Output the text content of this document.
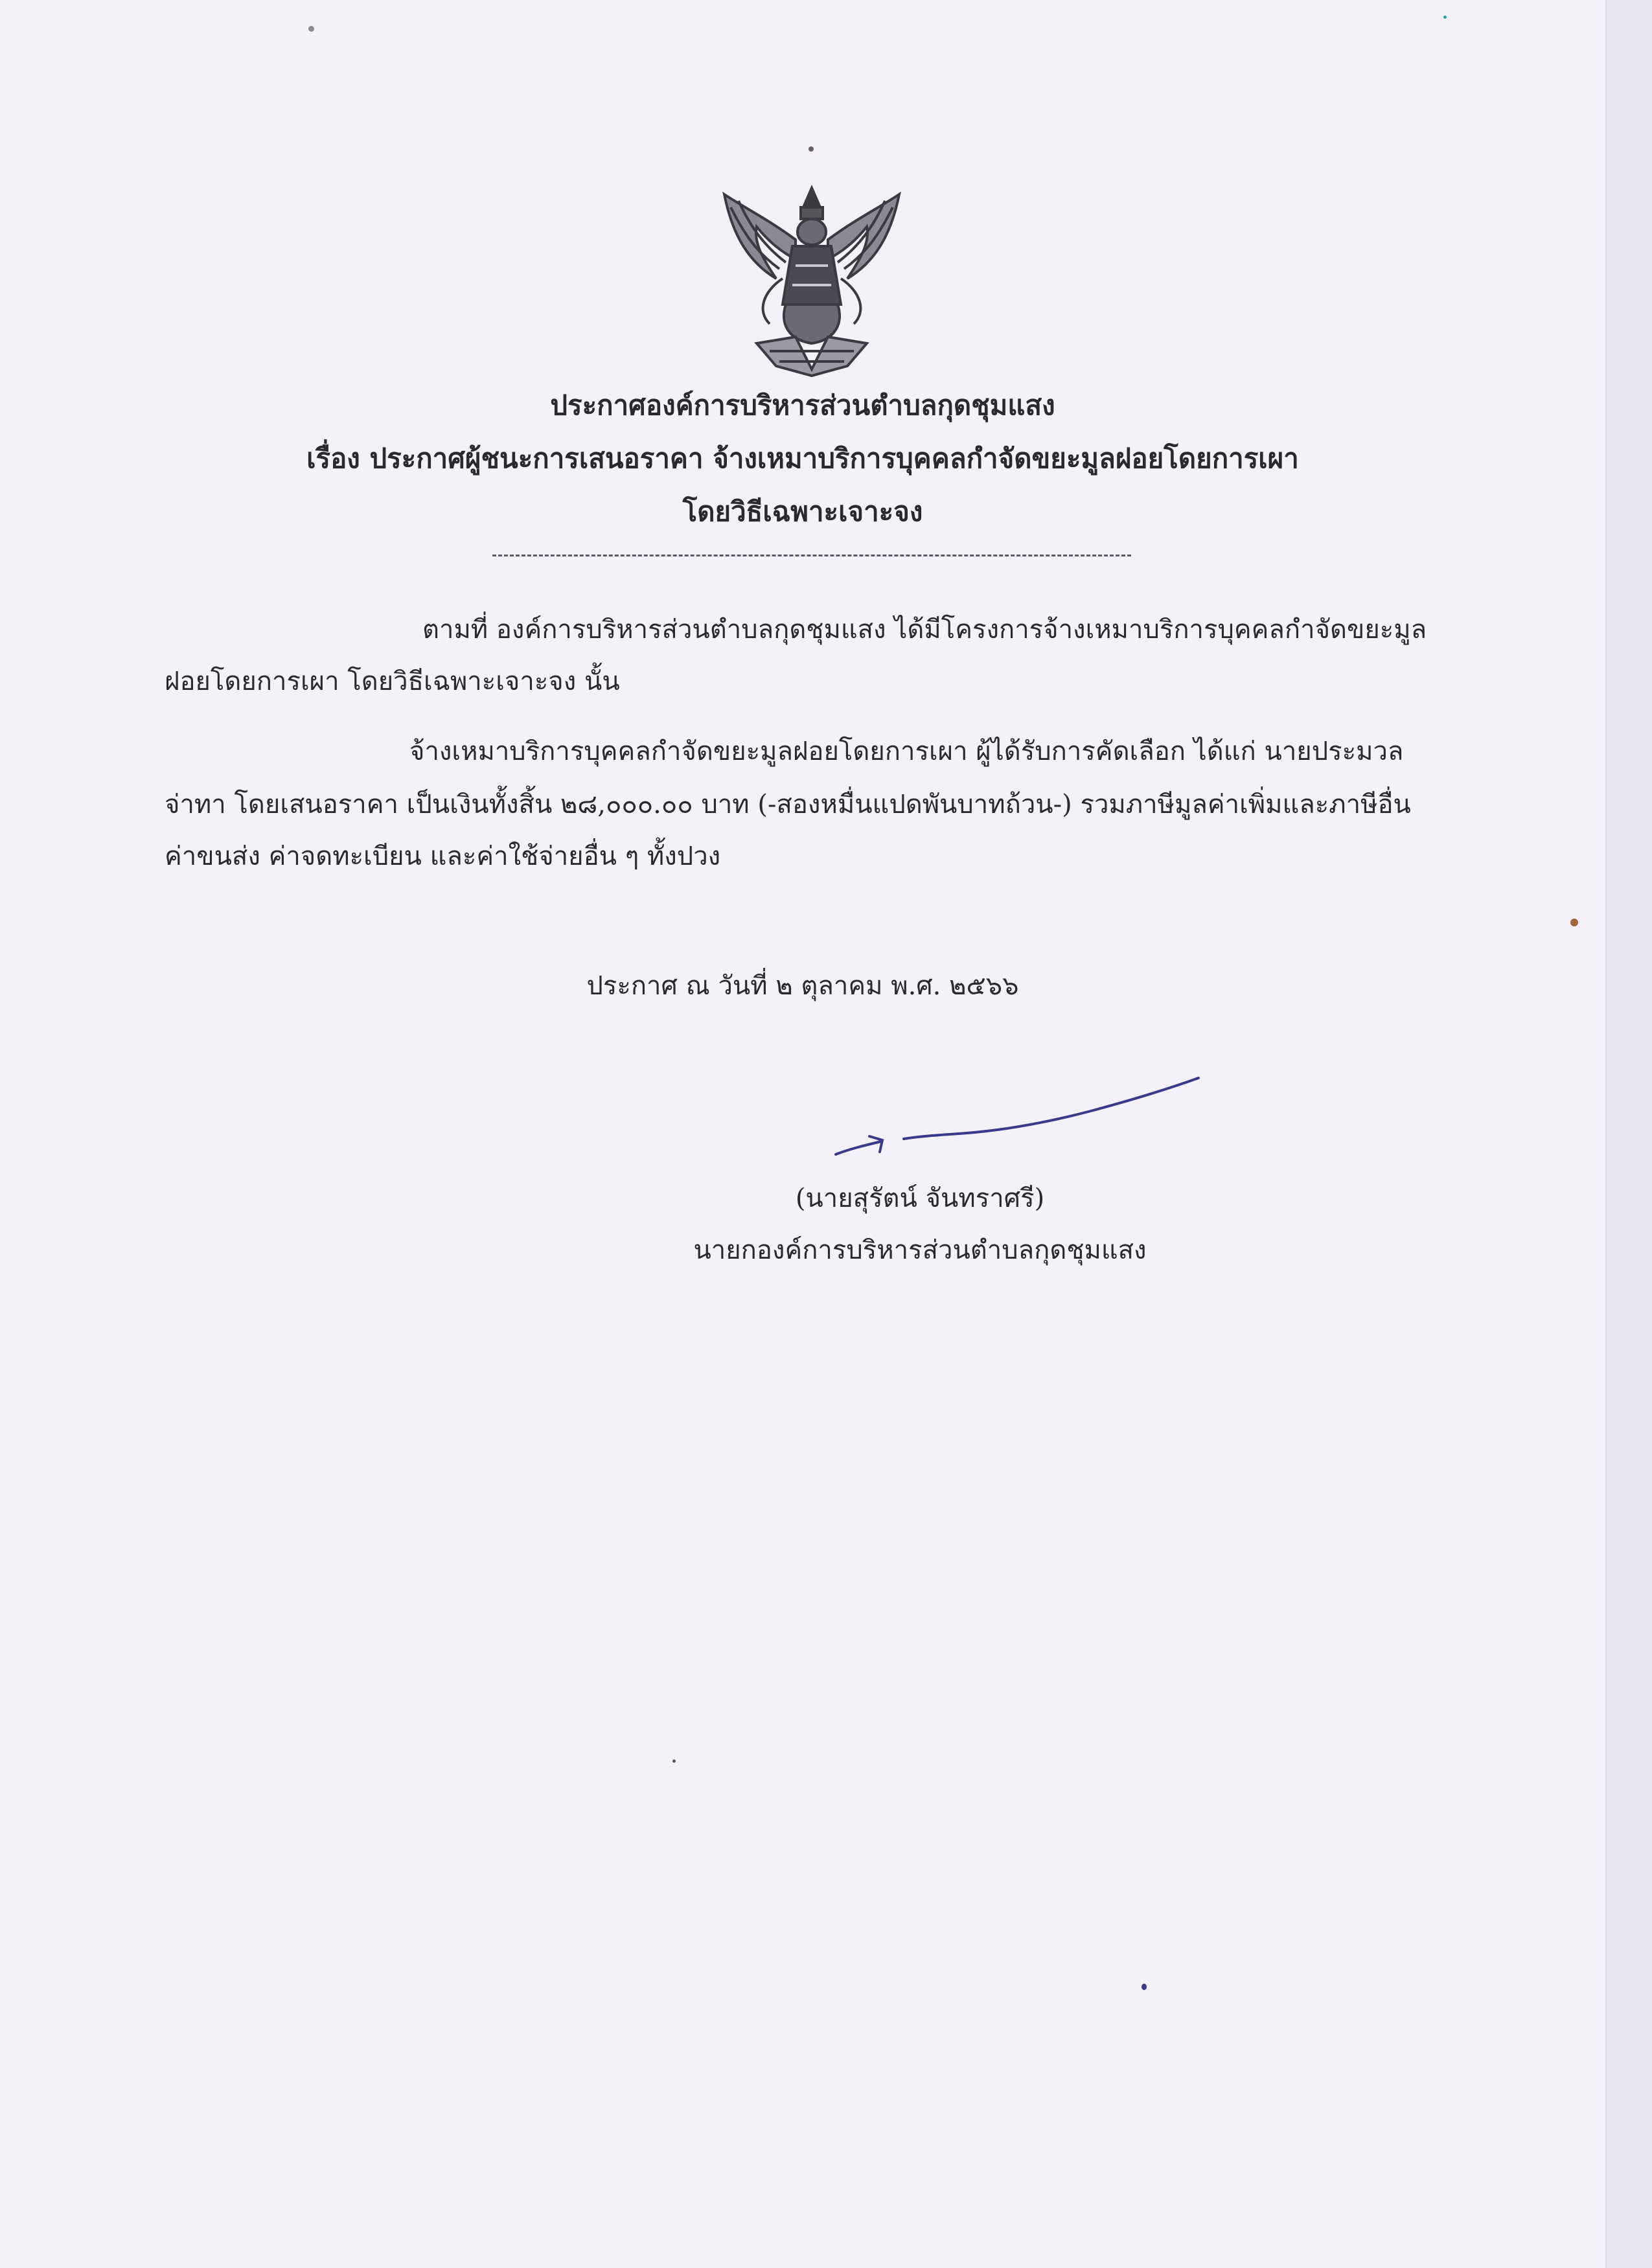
ประกาศองค์การบริหารส่วนตำบลกุดชุมแสง
เรื่อง ประกาศผู้ชนะการเสนอราคา จ้างเหมาบริการบุคคลกำจัดขยะมูลฝอยโดยการเผา
โดยวิธีเฉพาะเจาะจง
ตามที่ องค์การบริหารส่วนตำบลกุดชุมแสง ได้มีโครงการจ้างเหมาบริการบุคคลกำจัดขยะมูล
ฝอยโดยการเผา โดยวิธีเฉพาะเจาะจง นั้น
จ้างเหมาบริการบุคคลกำจัดขยะมูลฝอยโดยการเผา ผู้ได้รับการคัดเลือก ได้แก่ นายประมวล
จ่าทา โดยเสนอราคา เป็นเงินทั้งสิ้น ๒๘,๐๐๐.๐๐ บาท (-สองหมื่นแปดพันบาทถ้วน-) รวมภาษีมูลค่าเพิ่มและภาษีอื่น
ค่าขนส่ง ค่าจดทะเบียน และค่าใช้จ่ายอื่น ๆ ทั้งปวง
ประกาศ ณ วันที่ ๒ ตุลาคม พ.ศ. ๒๕๖๖
(นายสุรัตน์ จันทราศรี)
นายกองค์การบริหารส่วนตำบลกุดชุมแสง
